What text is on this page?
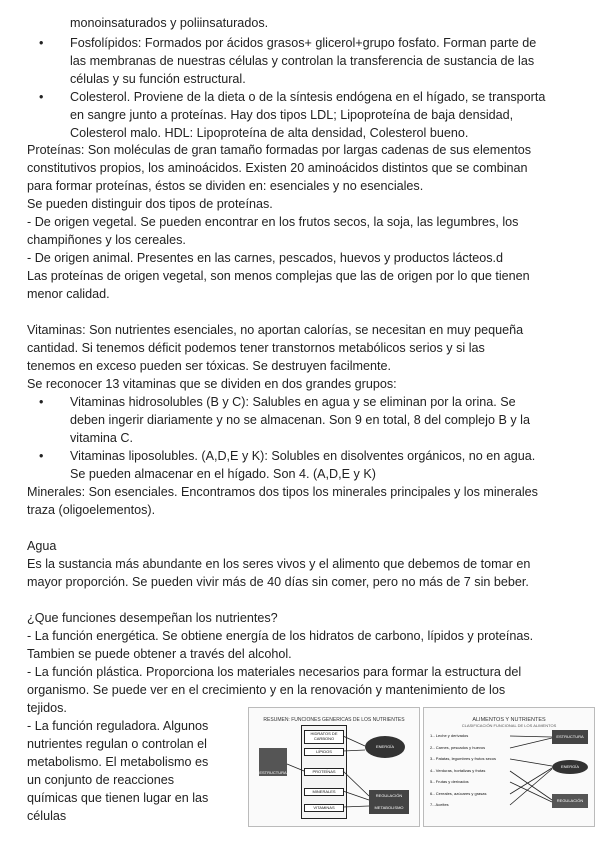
monoinsaturados y poliinsaturados.

• Fosfolípidos: Formados por ácidos grasos+ glicerol+grupo fosfato. Forman parte de

las membranas de nuestras células y controlan la transferencia de sustancia de las

células y su función estructural.

• Colesterol. Proviene de la dieta o de la síntesis endógena en el hígado, se transporta

en sangre junto a proteínas. Hay dos tipos LDL; Lipoproteína de baja densidad,

Colesterol malo. HDL: Lipoproteína de alta densidad, Colesterol bueno.

Proteínas: Son moléculas de gran tamaño formadas por largas cadenas de sus elementos

constitutivos propios, los aminoácidos. Existen 20 aminoácidos distintos que se combinan

para formar proteínas, éstos se dividen en: esenciales y no esenciales.

Se pueden distinguir dos tipos de proteínas.

- De origen vegetal. Se pueden encontrar en los frutos secos, la soja, las legumbres, los

champiñones y los cereales.

- De origen animal. Presentes en las carnes, pescados, huevos y productos lácteos.d

Las proteínas de origen vegetal, son menos complejas que las de origen por lo que tienen

menor calidad.

Vitaminas: Son nutrientes esenciales, no aportan calorías, se necesitan en muy pequeña

cantidad. Si tenemos déficit podemos tener transtornos metabólicos serios y si las

tenemos en exceso pueden ser tóxicas. Se destruyen facilmente.

Se reconocer 13 vitaminas que se dividen en dos grandes grupos:

• Vitaminas hidrosolubles (B y C): Salubles en agua y se eliminan por la orina. Se

deben ingerir diariamente y no se almacenan. Son 9 en total, 8 del complejo B y la

vitamina C.

• Vitaminas liposolubles. (A,D,E y K): Solubles en disolventes orgánicos, no en agua.

Se pueden almacenar en el hígado. Son 4. (A,D,E y K)

Minerales: Son esenciales. Encontramos dos tipos los minerales principales y los minerales

traza (oligoelementos).

Agua

Es la sustancia más abundante en los seres vivos y el alimento que debemos de tomar en

mayor proporción. Se pueden vivir más de 40 días sin comer, pero no más de 7 sin beber.

¿Que funciones desempeñan los nutrientes?

- La función energética. Se obtiene energía de los hidratos de carbono, lípidos y proteínas.

Tambien se puede obtener a través del alcohol.

- La función plástica. Proporciona los materiales necesarios para formar la estructura del

organismo. Se puede ver en el crecimiento y en la renovación y mantenimiento de los

tejidos.

- La función reguladora. Algunos

nutrientes regulan o controlan el

metabolismo. El metabolismo es

un conjunto de reacciones

químicas que tienen lugar en las

células

RESUMEN: FUNCIONES GENÉRICAS DE LOS NUTRIENTES
HIDRATOS DE CARBONO
LÍPIDOS
PROTEÍNAS
MINERALES
VITAMINAS
ENERGÍA
ESTRUCTURA
REGULACIÓN METABOLISMO
ALIMENTOS Y NUTRIENTES
CLASIFICACIÓN FUNCIONAL DE LOS ALIMENTOS
1.- Leche y derivados
2.- Carnes, pescados y huevos
3.- Patatas, legumbres y frutos secos
4.- Verduras, hortalizas y frutas
5.- Frutas y derivados
6.- Cereales, azúcares y grasas
7.- Aceites
ESTRUCTURA
ENERGÍA
REGULACIÓN
